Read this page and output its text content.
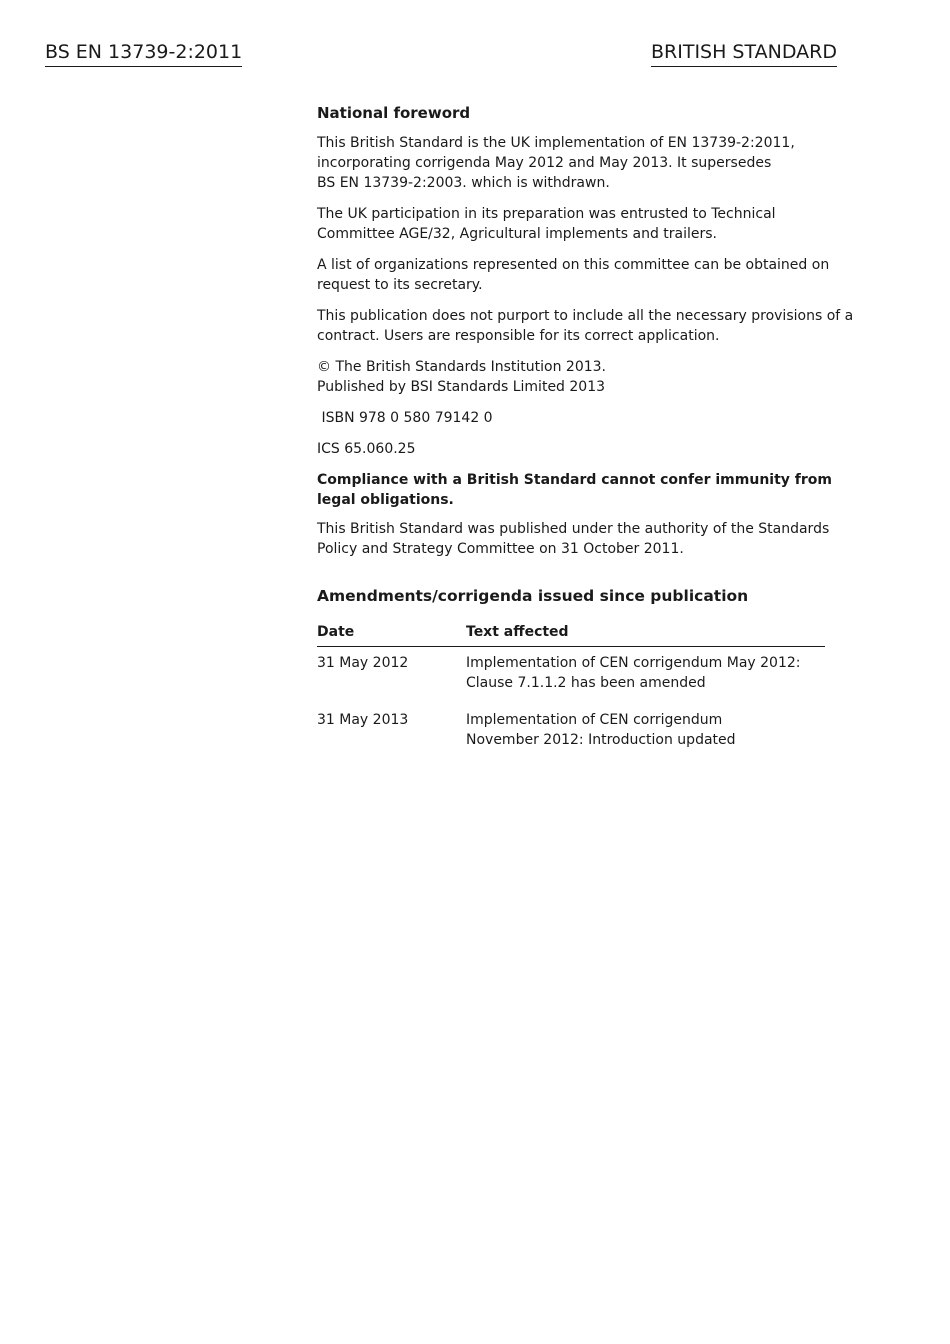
BS EN 13739-2:2011	BRITISH STANDARD

National foreword

This British Standard is the UK implementation of EN 13739-2:2011,
incorporating corrigenda May 2012 and May 2013. It supersedes
BS EN 13739-2:2003. which is withdrawn.

The UK participation in its preparation was entrusted to Technical
Committee AGE/32, Agricultural implements and trailers.

A list of organizations represented on this committee can be obtained on
request to its secretary.

This publication does not purport to include all the necessary provisions of a
contract. Users are responsible for its correct application.

© The British Standards Institution 2013.
Published by BSI Standards Limited 2013

ISBN 978 0 580 79142 0

ICS 65.060.25

Compliance with a British Standard cannot confer immunity from
legal obligations.

This British Standard was published under the authority of the Standards
Policy and Strategy Committee on 31 October 2011.

Amendments/corrigenda issued since publication

Date	Text affected
31 May 2012	Implementation of CEN corrigendum May 2012:
Clause 7.1.1.2 has been amended
31 May 2013	Implementation of CEN corrigendum
November 2012: Introduction updated
